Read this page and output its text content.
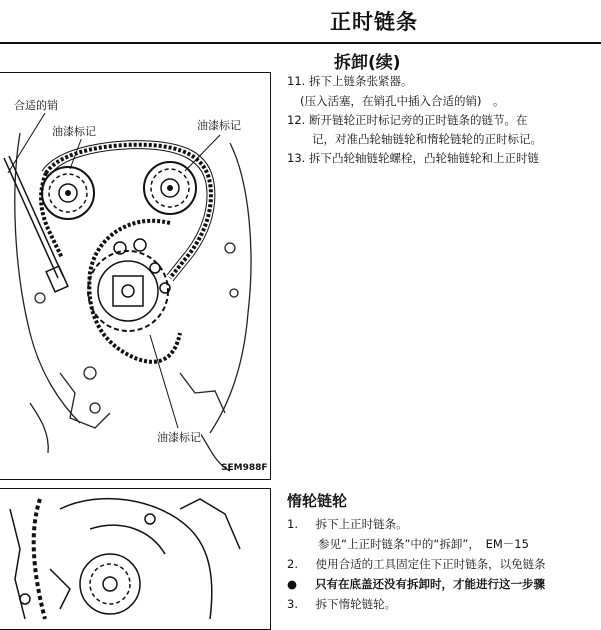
正时链条
拆卸(续)
11. 拆下上链条张紧器。
(压入活塞，在销孔中插入合适的销)　。
12. 断开链轮正时标记旁的正时链条的链节。在
记，对准凸轮轴链轮和惰轮链轮的正时标记。
13. 拆下凸轮轴链轮螺栓，凸轮轴链轮和上正时链
合适的销
油漆标记	油漆标记
油漆标记
SEM988F
惰轮链轮
1. 拆下上正时链条。
参见“上正时链条”中的“拆卸”，　EM－15
2. 使用合适的工具固定住下正时链条，以免链条
● 只有在底盖还没有拆卸时，才能进行这一步骤
3. 拆下惰轮链轮。
